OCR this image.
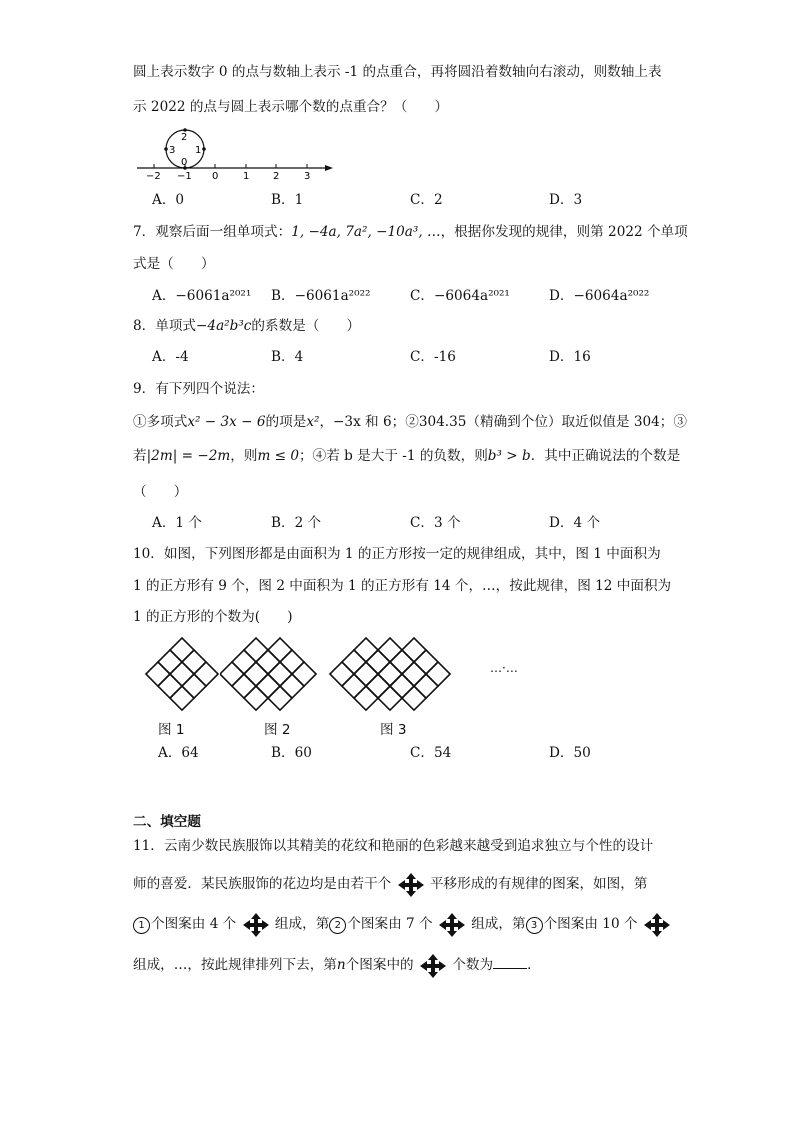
圆上表示数字 0 的点与数轴上表示 -1 的点重合，再将圆沿着数轴向右滚动，则数轴上表
示 2022 的点与圆上表示哪个数的点重合？（　　）
2
3 1
0
−2 −1 0 1 2 3
A．0	B．1	C．2	D．3
7．观察后面一组单项式：1, −4a, 7a², −10a³, …，根据你发现的规律，则第 2022 个单项
式是（　　）
A．−6061a²⁰²¹ B．−6061a²⁰²²	C．−6064a²⁰²¹	D．−6064a²⁰²²
8．单项式−4a²b³c的系数是（　　）
A．-4	B．4	C．-16	D．16
9．有下列四个说法：
①多项式x² − 3x − 6的项是x²，−3x 和 6；②304.35（精确到个位）取近似值是 304；③
若|2m| = −2m，则m ≤ 0；④若 b 是大于 -1 的负数，则b³ > b．其中正确说法的个数是
（　　）
A．1 个	B．2 个	C．3 个	D．4 个
10．如图，下列图形都是由面积为 1 的正方形按一定的规律组成，其中，图 1 中面积为
1 的正方形有 9 个，图 2 中面积为 1 的正方形有 14 个，…，按此规律，图 12 中面积为
1 的正方形的个数为(　　)
…·…
图 1	图 2	图 3
A．64	B．60	C．54	D．50
二、填空题
11．云南少数民族服饰以其精美的花纹和艳丽的色彩越来越受到追求独立与个性的设计
师的喜爱．某民族服饰的花边均是由若干个	平移形成的有规律的图案，如图，第
1 个图案由 4 个	组成，第 2 个图案由 7 个	组成，第 3 个图案由 10 个
组成，…，按此规律排列下去，第n个图案中的	个数为	．
